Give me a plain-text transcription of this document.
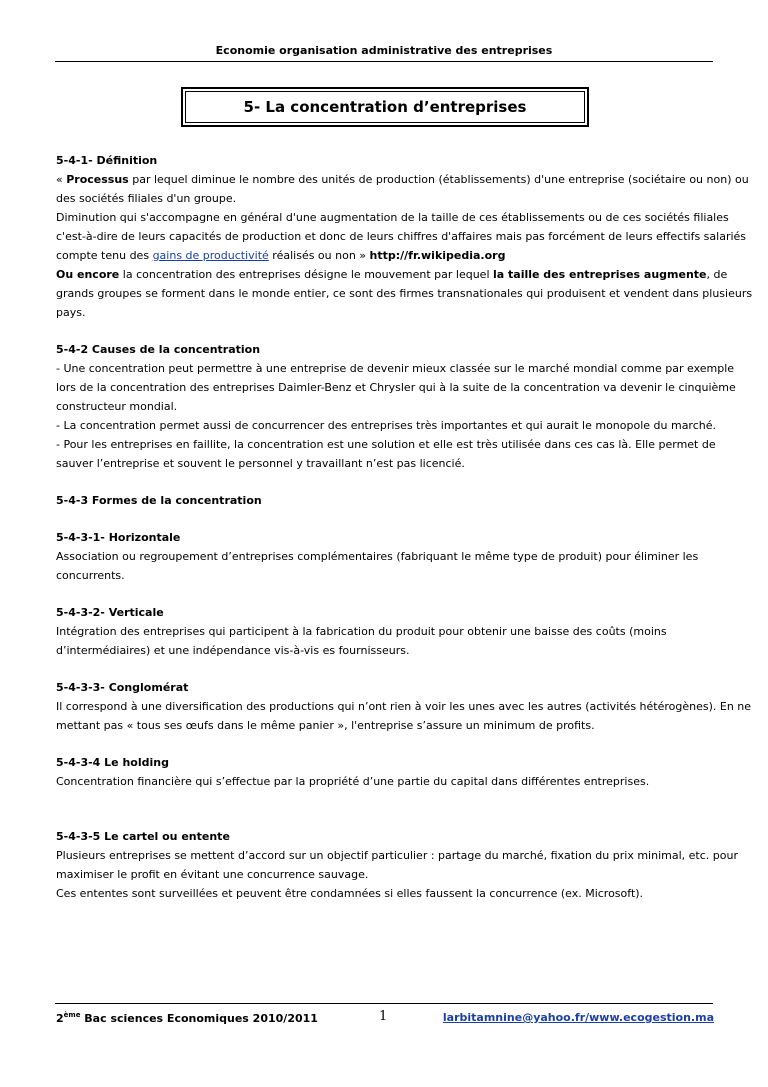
Economie organisation administrative des entreprises
5- La concentration d’entreprises
5-4-1- Définition
« Processus par lequel diminue le nombre des unités de production (établissements) d'une entreprise (sociétaire ou non) ou
des sociétés filiales d'un groupe.
Diminution qui s'accompagne en général d'une augmentation de la taille de ces établissements ou de ces sociétés filiales
c'est-à-dire de leurs capacités de production et donc de leurs chiffres d'affaires mais pas forcément de leurs effectifs salariés
compte tenu des gains de productivité réalisés ou non » http://fr.wikipedia.org
Ou encore la concentration des entreprises désigne le mouvement par lequel la taille des entreprises augmente, de
grands groupes se forment dans le monde entier, ce sont des firmes transnationales qui produisent et vendent dans plusieurs
pays.
5-4-2 Causes de la concentration
- Une concentration peut permettre à une entreprise de devenir mieux classée sur le marché mondial comme par exemple
lors de la concentration des entreprises Daimler-Benz et Chrysler qui à la suite de la concentration va devenir le cinquième
constructeur mondial.
- La concentration permet aussi de concurrencer des entreprises très importantes et qui aurait le monopole du marché.
- Pour les entreprises en faillite, la concentration est une solution et elle est très utilisée dans ces cas là. Elle permet de
sauver l’entreprise et souvent le personnel y travaillant n’est pas licencié.
5-4-3 Formes de la concentration
5-4-3-1- Horizontale
Association ou regroupement d’entreprises complémentaires (fabriquant le même type de produit) pour éliminer les
concurrents.
5-4-3-2- Verticale
Intégration des entreprises qui participent à la fabrication du produit pour obtenir une baisse des coûts (moins
d’intermédiaires) et une indépendance vis-à-vis es fournisseurs.
5-4-3-3- Conglomérat
Il correspond à une diversification des productions qui n’ont rien à voir les unes avec les autres (activités hétérogènes). En ne
mettant pas « tous ses œufs dans le même panier », l'entreprise s’assure un minimum de profits.
5-4-3-4 Le holding
Concentration financière qui s’effectue par la propriété d’une partie du capital dans différentes entreprises.
5-4-3-5 Le cartel ou entente
Plusieurs entreprises se mettent d’accord sur un objectif particulier : partage du marché, fixation du prix minimal, etc. pour
maximiser le profit en évitant une concurrence sauvage.
Ces ententes sont surveillées et peuvent être condamnées si elles faussent la concurrence (ex. Microsoft).
2ème Bac sciences Economiques 2010/2011	1	larbitamnine@yahoo.fr/www.ecogestion.ma
